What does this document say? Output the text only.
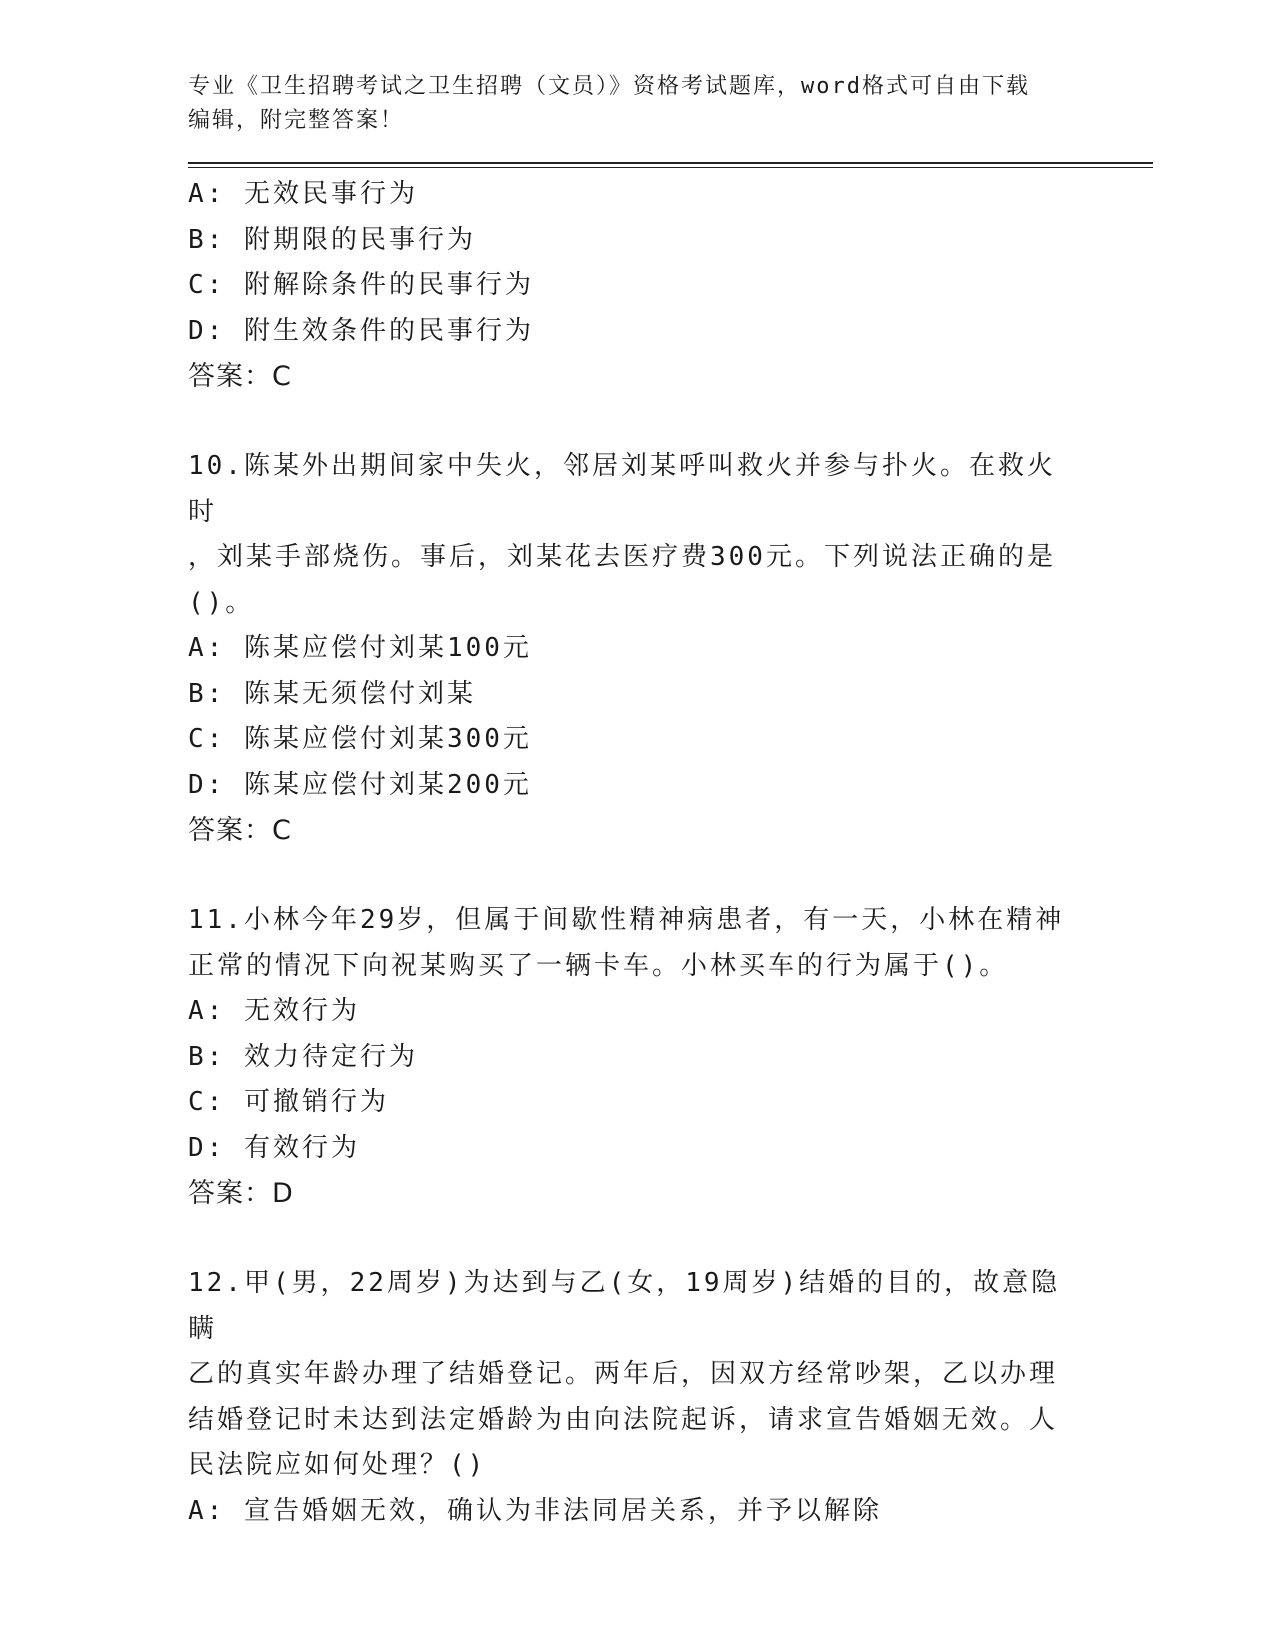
专业《卫生招聘考试之卫生招聘（文员）》资格考试题库，word格式可自由下载

编辑，附完整答案！

A: 无效民事行为
B: 附期限的民事行为
C: 附解除条件的民事行为
D: 附生效条件的民事行为
答案：C
10.陈某外出期间家中失火，邻居刘某呼叫救火并参与扑火。在救火时
，刘某手部烧伤。事后，刘某花去医疗费300元。下列说法正确的是
()。
A: 陈某应偿付刘某100元
B: 陈某无须偿付刘某
C: 陈某应偿付刘某300元
D: 陈某应偿付刘某200元
答案：C
11.小林今年29岁，但属于间歇性精神病患者，有一天，小林在精神
正常的情况下向祝某购买了一辆卡车。小林买车的行为属于()。
A: 无效行为
B: 效力待定行为
C: 可撤销行为
D: 有效行为
答案：D
12.甲(男，22周岁)为达到与乙(女，19周岁)结婚的目的，故意隐瞒
乙的真实年龄办理了结婚登记。两年后，因双方经常吵架，乙以办理
结婚登记时未达到法定婚龄为由向法院起诉，请求宣告婚姻无效。人
民法院应如何处理？()
A: 宣告婚姻无效，确认为非法同居关系，并予以解除
